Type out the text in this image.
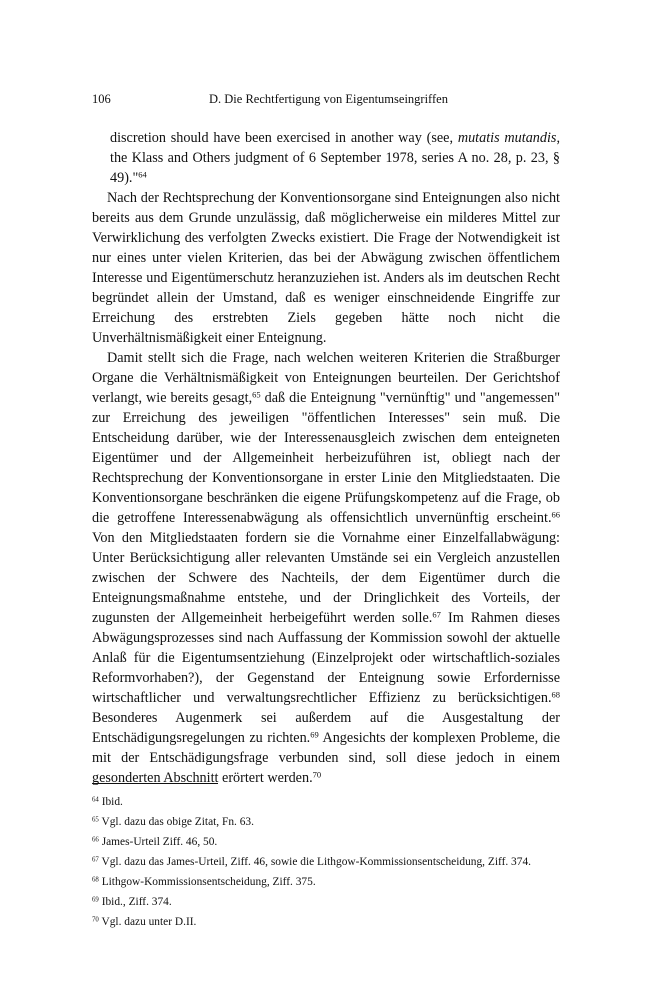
106	D. Die Rechtfertigung von Eigentumseingriffen

discretion should have been exercised in another way (see, mutatis mutandis, the Klass and Others judgment of 6 September 1978, series A no. 28, p. 23, § 49)."$^{64}$

Nach der Rechtsprechung der Konventionsorgane sind Enteignungen also nicht bereits aus dem Grunde unzulässig, daß möglicherweise ein milderes Mittel zur Verwirklichung des verfolgten Zwecks existiert. Die Frage der Notwendigkeit ist nur eines unter vielen Kriterien, das bei der Abwägung zwischen öffentlichem Interesse und Eigentümerschutz heranzuziehen ist. Anders als im deutschen Recht begründet allein der Umstand, daß es weniger einschneidende Eingriffe zur Erreichung des erstrebten Ziels gegeben hätte noch nicht die Unverhältnismäßigkeit einer Enteignung.

Damit stellt sich die Frage, nach welchen weiteren Kriterien die Straßburger Organe die Verhältnismäßigkeit von Enteignungen beurteilen. Der Gerichtshof verlangt, wie bereits gesagt,$^{65}$ daß die Enteignung "vernünftig" und "angemessen" zur Erreichung des jeweiligen "öffentlichen Interesses" sein muß. Die Entscheidung darüber, wie der Interessenausgleich zwischen dem enteigneten Eigentümer und der Allgemeinheit herbeizuführen ist, obliegt nach der Rechtsprechung der Konventionsorgane in erster Linie den Mitgliedstaaten. Die Konventionsorgane beschränken die eigene Prüfungskompetenz auf die Frage, ob die getroffene Interessenabwägung als offensichtlich unvernünftig erscheint.$^{66}$ Von den Mitgliedstaaten fordern sie die Vornahme einer Einzelfallabwägung: Unter Berücksichtigung aller relevanten Umstände sei ein Vergleich anzustellen zwischen der Schwere des Nachteils, der dem Eigentümer durch die Enteignungsmaßnahme entstehe, und der Dringlichkeit des Vorteils, der zugunsten der Allgemeinheit herbeigeführt werden solle.$^{67}$ Im Rahmen dieses Abwägungsprozesses sind nach Auffassung der Kommission sowohl der aktuelle Anlaß für die Eigentumsentziehung (Einzelprojekt oder wirtschaftlich-soziales Reformvorhaben?), der Gegenstand der Enteignung sowie Erfordernisse wirtschaftlicher und verwaltungsrechtlicher Effizienz zu berücksichtigen.$^{68}$ Besonderes Augenmerk sei außerdem auf die Ausgestaltung der Entschädigungsregelungen zu richten.$^{69}$ Angesichts der komplexen Probleme, die mit der Entschädigungsfrage verbunden sind, soll diese jedoch in einem gesonderten Abschnitt erörtert werden.$^{70}$

$^{64}$ Ibid.

$^{65}$ Vgl. dazu das obige Zitat, Fn. 63.

$^{66}$ James-Urteil Ziff. 46, 50.

$^{67}$ Vgl. dazu das James-Urteil, Ziff. 46, sowie die Lithgow-Kommissionsentscheidung, Ziff. 374.

$^{68}$ Lithgow-Kommissionsentscheidung, Ziff. 375.

$^{69}$ Ibid., Ziff. 374.

$^{70}$ Vgl. dazu unter D.II.
